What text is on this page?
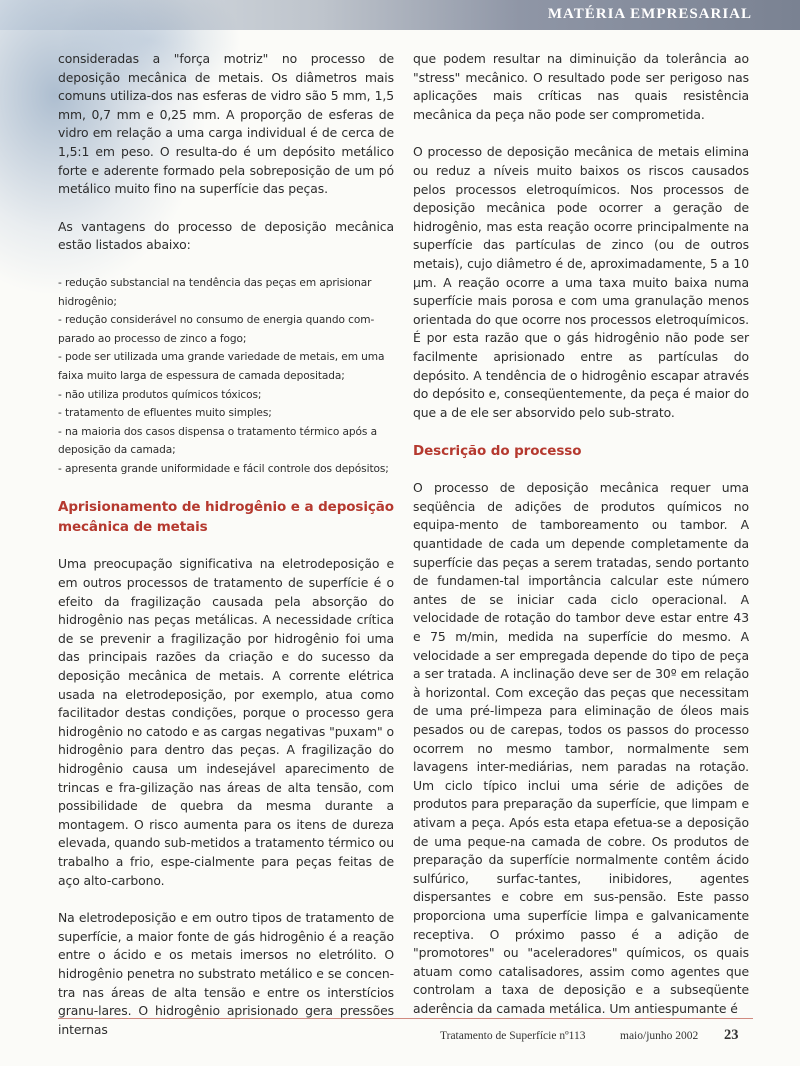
MATÉRIA EMPRESARIAL

consideradas a "força motriz" no processo de deposição mecânica de metais. Os diâmetros mais comuns utiliza-dos nas esferas de vidro são 5 mm, 1,5 mm, 0,7 mm e 0,25 mm. A proporção de esferas de vidro em relação a uma carga individual é de cerca de 1,5:1 em peso. O resulta-do é um depósito metálico forte e aderente formado pela sobreposição de um pó metálico muito fino na superfície das peças.

As vantagens do processo de deposição mecânica estão listados abaixo:

- redução substancial na tendência das peças em aprisionar hidrogênio;
- redução considerável no consumo de energia quando com-parado ao processo de zinco a fogo;
- pode ser utilizada uma grande variedade de metais, em uma faixa muito larga de espessura de camada depositada;
- não utiliza produtos químicos tóxicos;
- tratamento de efluentes muito simples;
- na maioria dos casos dispensa o tratamento térmico após a deposição da camada;
- apresenta grande uniformidade e fácil controle dos depósitos;
Aprisionamento de hidrogênio e a deposição mecânica de metais

Uma preocupação significativa na eletrodeposição e em outros processos de tratamento de superfície é o efeito da fragilização causada pela absorção do hidrogênio nas peças metálicas. A necessidade crítica de se prevenir a fragilização por hidrogênio foi uma das principais razões da criação e do sucesso da deposição mecânica de metais. A corrente elétrica usada na eletrodeposição, por exemplo, atua como facilitador destas condições, porque o processo gera hidrogênio no catodo e as cargas negativas "puxam" o hidrogênio para dentro das peças. A fragilização do hidrogênio causa um indesejável aparecimento de trincas e fra-gilização nas áreas de alta tensão, com possibilidade de quebra da mesma durante a montagem. O risco aumenta para os itens de dureza elevada, quando sub-metidos a tratamento térmico ou trabalho a frio, espe-cialmente para peças feitas de aço alto-carbono.

Na eletrodeposição e em outro tipos de tratamento de superfície, a maior fonte de gás hidrogênio é a reação entre o ácido e os metais imersos no eletrólito. O hidrogênio penetra no substrato metálico e se concen-tra nas áreas de alta tensão e entre os interstícios granu-lares. O hidrogênio aprisionado gera pressões internas

que podem resultar na diminuição da tolerância ao "stress" mecânico. O resultado pode ser perigoso nas aplicações mais críticas nas quais resistência mecânica da peça não pode ser comprometida.

O processo de deposição mecânica de metais elimina ou reduz a níveis muito baixos os riscos causados pelos processos eletroquímicos. Nos processos de deposição mecânica pode ocorrer a geração de hidrogênio, mas esta reação ocorre principalmente na superfície das partículas de zinco (ou de outros metais), cujo diâmetro é de, aproximadamente, 5 a 10 µm. A reação ocorre a uma taxa muito baixa numa superfície mais porosa e com uma granulação menos orientada do que ocorre nos processos eletroquímicos. É por esta razão que o gás hidrogênio não pode ser facilmente aprisionado entre as partículas do depósito. A tendência de o hidrogênio escapar através do depósito e, conseqüentemente, da peça é maior do que a de ele ser absorvido pelo sub-strato.

Descrição do processo

O processo de deposição mecânica requer uma seqüência de adições de produtos químicos no equipa-mento de tamboreamento ou tambor. A quantidade de cada um depende completamente da superfície das peças a serem tratadas, sendo portanto de fundamen-tal importância calcular este número antes de se iniciar cada ciclo operacional. A velocidade de rotação do tambor deve estar entre 43 e 75 m/min, medida na superfície do mesmo. A velocidade a ser empregada depende do tipo de peça a ser tratada. A inclinação deve ser de 30º em relação à horizontal. Com exceção das peças que necessitam de uma pré-limpeza para eliminação de óleos mais pesados ou de carepas, todos os passos do processo ocorrem no mesmo tambor, normalmente sem lavagens inter-mediárias, nem paradas na rotação. Um ciclo típico inclui uma série de adições de produtos para preparação da superfície, que limpam e ativam a peça. Após esta etapa efetua-se a deposição de uma peque-na camada de cobre. Os produtos de preparação da superfície normalmente contêm ácido sulfúrico, surfac-tantes, inibidores, agentes dispersantes e cobre em sus-pensão. Este passo proporciona uma superfície limpa e galvanicamente receptiva. O próximo passo é a adição de "promotores" ou "aceleradores" químicos, os quais atuam como catalisadores, assim como agentes que controlam a taxa de deposição e a subseqüente aderência da camada metálica. Um antiespumante é

Tratamento de Superfície nº113	maio/junho 2002 23
